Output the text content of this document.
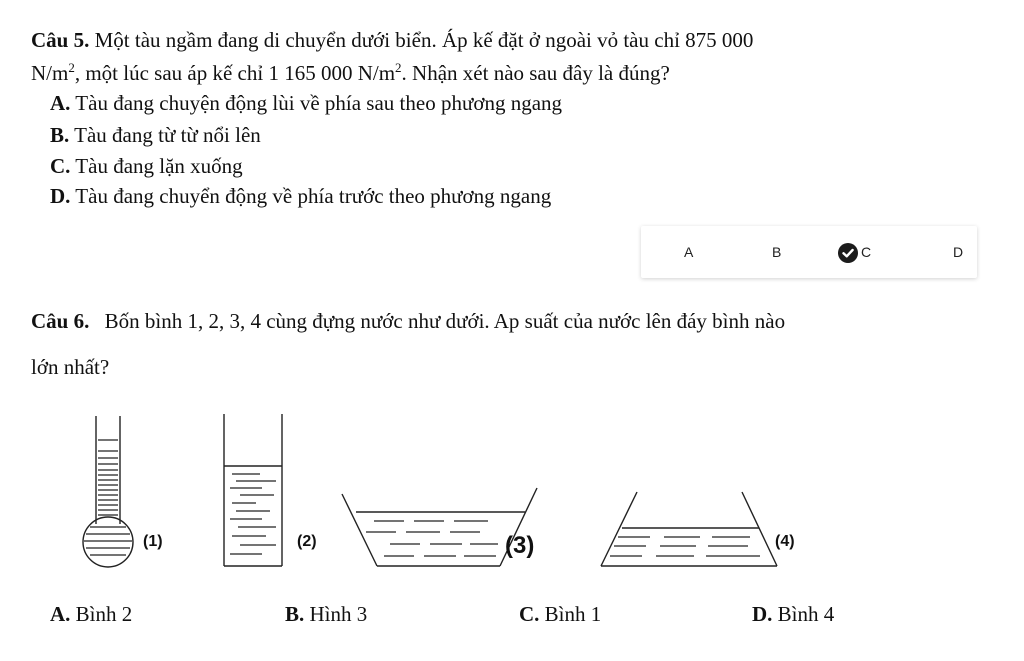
Câu 5. Một tàu ngầm đang di chuyển dưới biển. Áp kế đặt ở ngoài vỏ tàu chỉ 875 000
$N/m^2$, một lúc sau áp kế chỉ 1 165 000 $N/m^2$. Nhận xét nào sau đây là đúng?
A. Tàu đang chuyện động lùi về phía sau theo phương ngang
B. Tàu đang từ từ nổi lên
C. Tàu đang lặn xuống
D. Tàu đang chuyển động về phía trước theo phương ngang
A	B	C	D
Câu 6. Bốn bình 1, 2, 3, 4 cùng đựng nước như dưới. Ap suất của nước lên đáy bình nào
lớn nhất?
(1)	(2)	(3)	(4)
A. Bình 2	B. Hình 3	C. Bình 1	D. Bình 4
